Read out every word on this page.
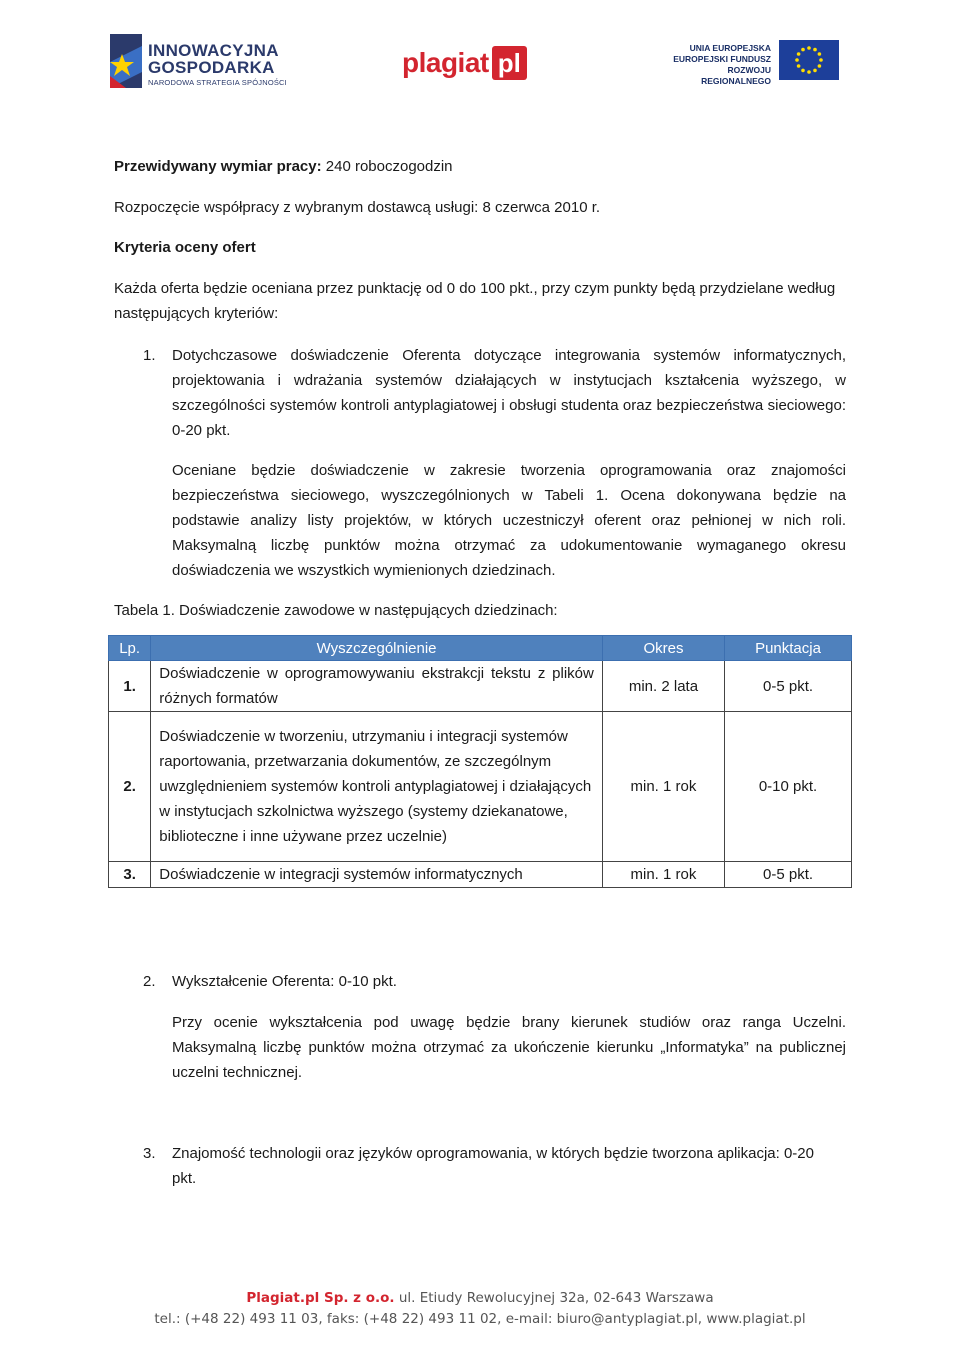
INNOWACYJNA
GOSPODARKA
NARODOWA STRATEGIA SPÓJNOŚCI
plagiat pl	UNIA EUROPEJSKA
EUROPEJSKI FUNDUSZ
ROZWOJU REGIONALNEGO
Przewidywany wymiar pracy: 240 roboczogodzin
Rozpoczęcie współpracy z wybranym dostawcą usługi: 8 czerwca 2010 r.
Kryteria oceny ofert
Każda oferta będzie oceniana przez punktację od 0 do 100 pkt., przy czym punkty będą przydzielane według następujących kryteriów:
1. Dotychczasowe doświadczenie Oferenta dotyczące integrowania systemów informatycznych, projektowania i wdrażania systemów działających w instytucjach kształcenia wyższego, w szczególności systemów kontroli antyplagiatowej i obsługi studenta oraz bezpieczeństwa sieciowego: 0-20 pkt.
Oceniane będzie doświadczenie w zakresie tworzenia oprogramowania oraz znajomości bezpieczeństwa sieciowego, wyszczególnionych w Tabeli 1. Ocena dokonywana będzie na podstawie analizy listy projektów, w których uczestniczył oferent oraz pełnionej w nich roli. Maksymalną liczbę punktów można otrzymać za udokumentowanie wymaganego okresu doświadczenia we wszystkich wymienionych dziedzinach.
Tabela 1. Doświadczenie zawodowe w następujących dziedzinach:
Lp.	Wyszczególnienie	Okres	Punktacja
1.	Doświadczenie w oprogramowywaniu ekstrakcji tekstu z plików różnych formatów	min. 2 lata	0-5 pkt.
2.	Doświadczenie w tworzeniu, utrzymaniu i integracji systemów raportowania, przetwarzania dokumentów, ze szczególnym uwzględnieniem systemów kontroli antyplagiatowej i działających w instytucjach szkolnictwa wyższego (systemy dziekanatowe, biblioteczne i inne używane przez uczelnie)	min. 1 rok	0-10 pkt.
3.	Doświadczenie w integracji systemów informatycznych	min. 1 rok	0-5 pkt.
2. Wykształcenie Oferenta: 0-10 pkt.
Przy ocenie wykształcenia pod uwagę będzie brany kierunek studiów oraz ranga Uczelni. Maksymalną liczbę punktów można otrzymać za ukończenie kierunku „Informatyka” na publicznej uczelni technicznej.
3. Znajomość technologii oraz języków oprogramowania, w których będzie tworzona aplikacja: 0-20 pkt.
Plagiat.pl Sp. z o.o. ul. Etiudy Rewolucyjnej 32a, 02-643 Warszawa
tel.: (+48 22) 493 11 03, faks: (+48 22) 493 11 02, e-mail: biuro@antyplagiat.pl, www.plagiat.pl
